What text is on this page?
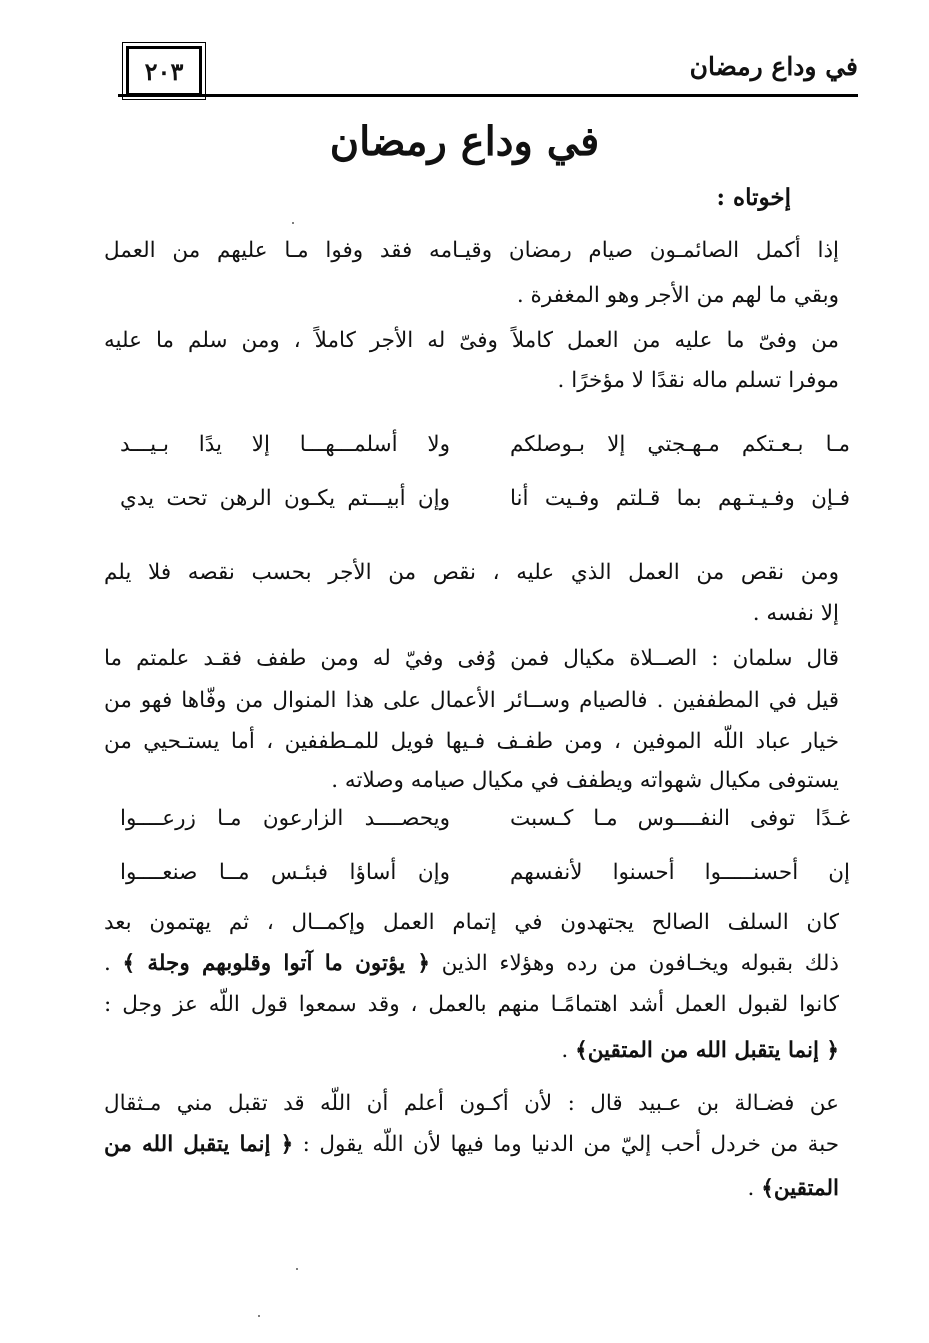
٢٠٣	في وداع رمضان
في وداع رمضان
إخوتاه :
إذا أكمل الصائمـون صيام رمضان وقيـامه فقد وفوا مـا عليهم من العمل
وبقي ما لهم من الأجر وهو المغفرة .
من وفىّ ما عليه من العمل كاملاً وفىّ له الأجر كاملاً ، ومن سلم ما عليه
موفرا تسلم ماله نقدًا لا مؤخرًا .
مـا بـعـتكم مـهـجتي إلا بـوصلكم
ولا أسلمـــهـــا إلا يدًا بـيـــد
فـإن وفـيـتـهم بما قـلتم وفـيت أنا
وإن أبيـــتم يكـون الرهن تحت يدي
ومن نقص من العمل الذي عليه ، نقص من الأجر بحسب نقصه فلا يلم
إلا نفسه .
قال سلمان : الصــلاة مكيال فمن وُفى وفيّ له ومن طفف فقـد علمتم ما
قيل في المطففين . فالصيام وســائر الأعمال على هذا المنوال من وفّاها فهو من
خيار عباد اللّه الموفين ، ومن طفـف فـيها فويل للمـطففين ، أما يستـحيي من
يستوفى مكيال شهواته ويطفف في مكيال صيامه وصلاته .
غـدًا توفى النفــــوس مـا كـسبت
ويحصــــد الزارعون مـا زرعــــوا
إن أحسنـــــوا أحسنوا لأنفسهم
وإن أساؤا فبئـس مــا صنعــــوا
كان السلف الصالح يجتهدون في إتمام العمل وإكمــال ، ثم يهتمون بعد
ذلك بقبوله ويخـافون من رده وهؤلاء الذين ﴿ يؤتون ما آتوا وقلوبهم وجلة ﴾ .
كانوا لقبول العمل أشد اهتمامًـا منهم بالعمل ، وقد سمعوا قول اللّه عز وجل :
﴿ إنما يتقبل الله من المتقين﴾ .
عن فضـالة بن عـبيد قال : لأن أكـون أعلم أن اللّه قد تقبل مني مـثقال
حبة من خردل أحب إليّ من الدنيا وما فيها لأن اللّه يقول : ﴿ إنما يتقبل الله من
المتقين﴾ .
